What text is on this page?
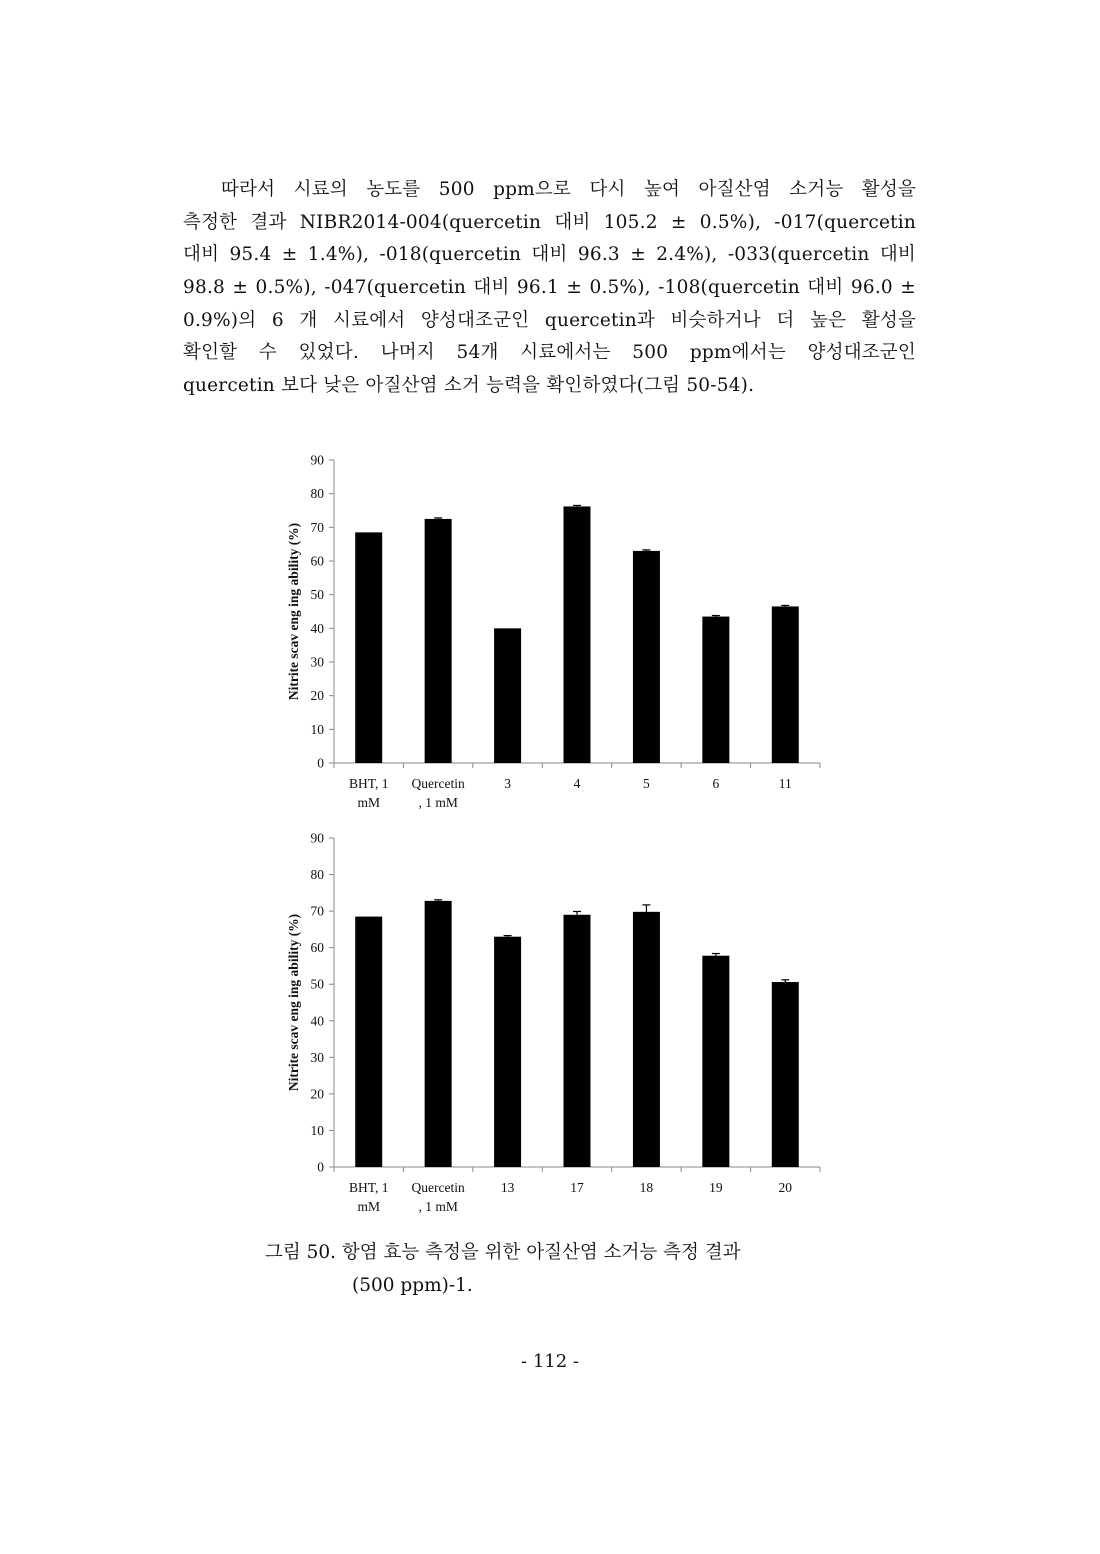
따라서 시료의 농도를 500 ppm으로 다시 높여 아질산염 소거능 활성을
측정한 결과 NIBR2014-004(quercetin 대비 105.2 ± 0.5%), -017(quercetin
대비 95.4 ± 1.4%), -018(quercetin 대비 96.3 ± 2.4%), -033(quercetin 대비
98.8 ± 0.5%), -047(quercetin 대비 96.1 ± 0.5%), -108(quercetin 대비 96.0 ±
0.9%)의 6 개 시료에서 양성대조군인 quercetin과 비슷하거나 더 높은 활성을
확인할 수 있었다. 나머지 54개 시료에서는 500 ppm에서는 양성대조군인
quercetin 보다 낮은 아질산염 소거 능력을 확인하였다(그림 50-54).
0
10
20
30
40
50
60
70
80
90
Nitrite scav eng ing ability (%)
BHT, 1
mM
Quercetin
, 1 mM
3	4	5	6	11
0
10
20
30
40
50
60
70
80
90
Nitrite scav eng ing ability (%)
BHT, 1
mM
Quercetin
, 1 mM
13	17	18	19	20
그림 50. 항염 효능 측정을 위한 아질산염 소거능 측정 결과
(500 ppm)-1.
- 112 -
